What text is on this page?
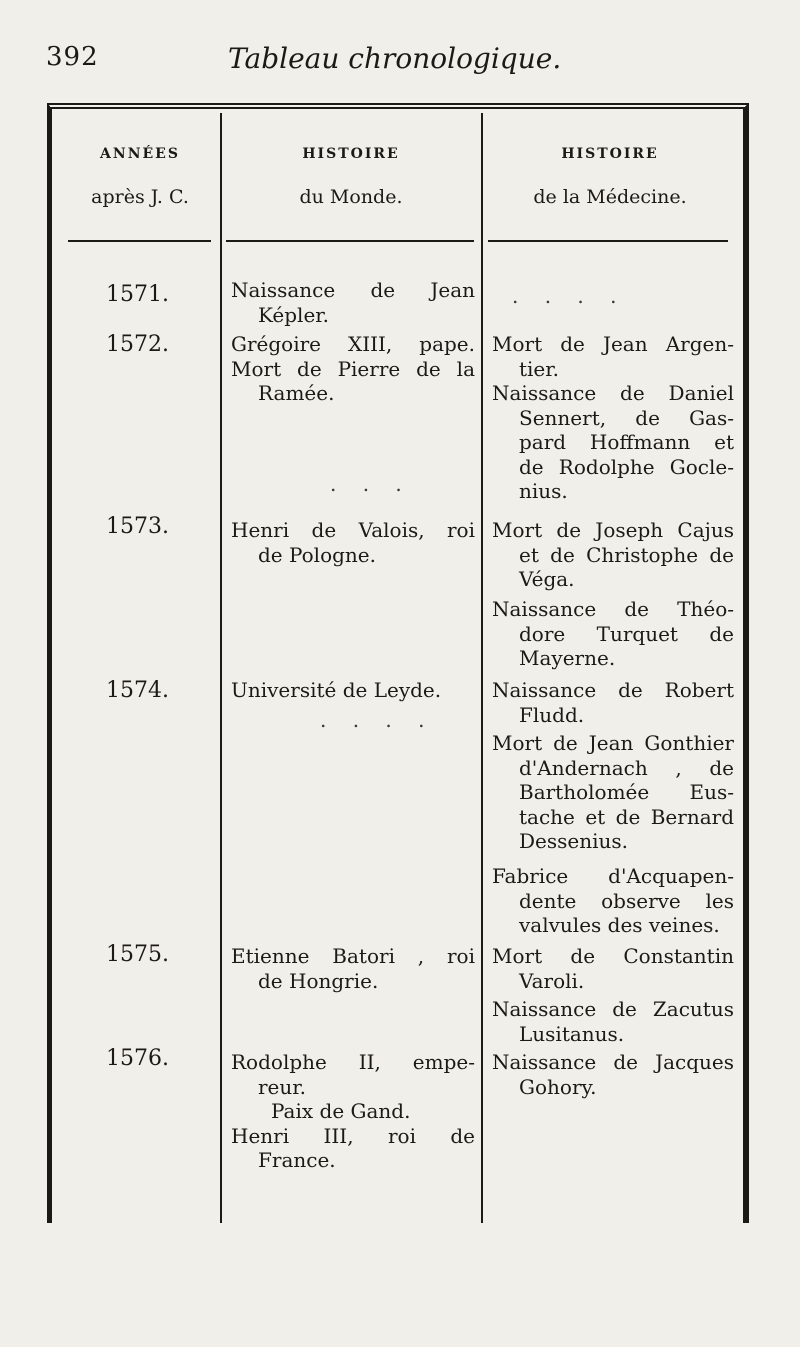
392	Tableau chronologique.
ANNÉES
après J. C.
HISTOIRE
du Monde.
HISTOIRE
de la Médecine.
1571.
1572.
1573.
1574.
1575.
1576.
Naissance de Jean
Képler.
Grégoire XIII, pape.
Mort de Pierre de la
Ramée.
. . .
Henri de Valois, roi
de Pologne.
Université de Leyde.
. . . .
Etienne Batori , roi
de Hongrie.
Rodolphe II, empe-
reur.
Paix de Gand.
Henri III, roi de
France.
. . . .
Mort de Jean Argen-
tier.
Naissance de Daniel
Sennert, de Gas-
pard Hoffmann et
de Rodolphe Gocle-
nius.
Mort de Joseph Cajus
et de Christophe de
Véga.
Naissance de Théo-
dore Turquet de
Mayerne.
Naissance de Robert
Fludd.
Mort de Jean Gonthier
d'Andernach , de
Bartholomée Eus-
tache et de Bernard
Dessenius.
Fabrice d'Acquapen-
dente observe les
valvules des veines.
Mort de Constantin
Varoli.
Naissance de Zacutus
Lusitanus.
Naissance de Jacques
Gohory.
